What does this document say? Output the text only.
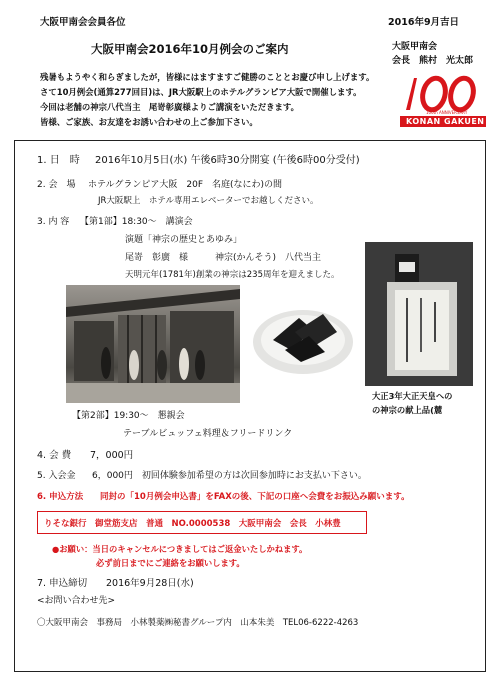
大阪甲南会会員各位	2016年9月吉日
大阪甲南会2016年10月例会のご案内	大阪甲南会
会長　熊村　光太郎
100th ANNIVERSARY
KONAN GAKUEN
残暑もようやく和らぎましたが，皆様にはますますご健勝のこととお慶び申し上げます。
さて10月例会(通算277回目)は、JR大阪駅上のホテルグランピア大阪で開催します。
今回は老舗の神宗八代当主　尾嵜彰廣様よりご講演をいただきます。
皆様、ご家族、お友達をお誘い合わせの上ご参加下さい。
1. 日　時 2016年10月5日(水) 午後6時30分開宴 (午後6時00分受付)
2. 会　場 ホテルグランピア大阪　20F　名庭(なにわ)の間
JR大阪駅上　ホテル専用エレベーターでお越しください。
3. 内 容 【第1部】18:30～　講演会
演題「神宗の歴史とあゆみ」
尾嵜　彰廣　様　　　神宗(かんそう)　八代当主
天明元年(1781年)創業の神宗は235周年を迎えました。
大正3年大正天皇への
の神宗の献上品(麓
【第2部】19:30～　懇親会
テーブルビュッフェ料理＆フリードリンク
4. 会 費 7，000円
5. 入会金 6，000円　初回体験参加希望の方は次回参加時にお支払い下さい。
6. 申込方法 同封の「10月例会申込書」をFAXの後、下記の口座へ会費をお振込み願います。
りそな銀行　御堂筋支店　普通　NO.0000538　大阪甲南会　会長　小林豊
●お願い：当日のキャンセルにつきましてはご返金いたしかねます。
必ず前日までにご連絡をお願いします。
7. 申込締切 2016年9月28日(水)
<お問い合わせ先>
〇大阪甲南会　事務局　小林製薬㈱秘書グループ内　山本朱美　TEL06-6222-4263
